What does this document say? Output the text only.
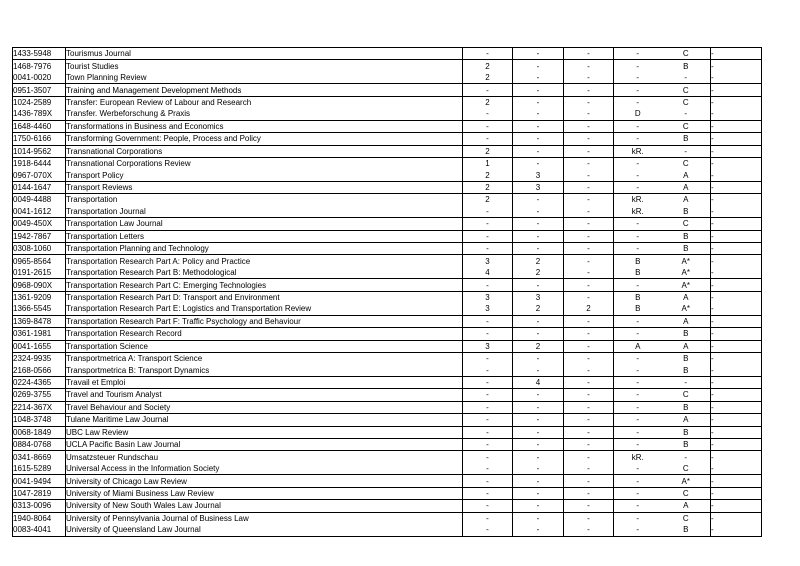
1433-5948	Tourismus Journal	-	-	-	-	C	-
1468-7976	Tourist Studies	2	-	-	-	B	-
0041-0020	Town Planning Review	2	-	-	-	-	-
0951-3507	Training and Management Development Methods	-	-	-	-	C	-
1024-2589	Transfer: European Review of Labour and Research	2	-	-	-	C	-
1436-789X	Transfer. Werbeforschung & Praxis	-	-	-	D	-	-
1648-4460	Transformations in Business and Economics	-	-	-	-	C	-
1750-6166	Transforming Government: People, Process and Policy	-	-	-	-	B	-
1014-9562	Transnational Corporations	2	-	-	kR.	-	-
1918-6444	Transnational Corporations Review	1	-	-	-	C	-
0967-070X	Transport Policy	2	3	-	-	A	-
0144-1647	Transport Reviews	2	3	-	-	A	-
0049-4488	Transportation	2	-	-	kR.	A	-
0041-1612	Transportation Journal	-	-	-	kR.	B	-
0049-450X	Transportation Law Journal	-	-	-	-	C	-
1942-7867	Transportation Letters	-	-	-	-	B	-
0308-1060	Transportation Planning and Technology	-	-	-	-	B	-
0965-8564	Transportation Research Part A: Policy and Practice	3	2	-	B	A*	-
0191-2615	Transportation Research Part B: Methodological	4	2	-	B	A*	-
0968-090X	Transportation Research Part C: Emerging Technologies	-	-	-	-	A*	-
1361-9209	Transportation Research Part D: Transport and Environment	3	3	-	B	A	-
1366-5545	Transportation Research Part E: Logistics and Transportation Review	3	2	2	B	A*	-
1369-8478	Transportation Research Part F: Traffic Psychology and Behaviour	-	-	-	-	A	-
0361-1981	Transportation Research Record	-	-	-	-	B	-
0041-1655	Transportation Science	3	2	-	A	A	-
2324-9935	Transportmetrica A: Transport Science	-	-	-	-	B	-
2168-0566	Transportmetrica B: Transport Dynamics	-	-	-	-	B	-
0224-4365	Travail et Emploi	-	4	-	-	-	-
0269-3755	Travel and Tourism Analyst	-	-	-	-	C	-
2214-367X	Travel Behaviour and Society	-	-	-	-	B	-
1048-3748	Tulane Maritime Law Journal	-	-	-	-	A	-
0068-1849	UBC Law Review	-	-	-	-	B	-
0884-0768	UCLA Pacific Basin Law Journal	-	-	-	-	B	-
0341-8669	Umsatzsteuer Rundschau	-	-	-	kR.	-	-
1615-5289	Universal Access in the Information Society	-	-	-	-	C	-
0041-9494	University of Chicago Law Review	-	-	-	-	A*	-
1047-2819	University of Miami Business Law Review	-	-	-	-	C	-
0313-0096	University of New South Wales Law Journal	-	-	-	-	A	-
1940-8064	University of Pennsylvania Journal of Business Law	-	-	-	-	C	-
0083-4041	University of Queensland Law Journal	-	-	-	-	B	-
